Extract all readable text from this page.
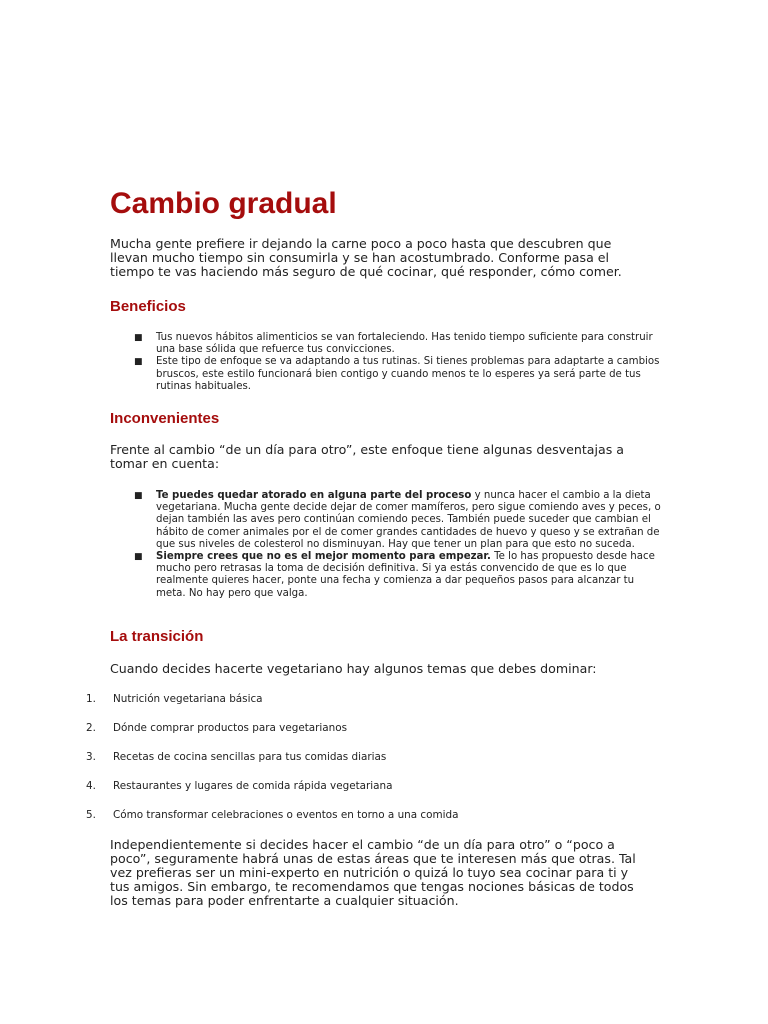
Cambio gradual

Mucha gente prefiere ir dejando la carne poco a poco hasta que descubren que llevan mucho tiempo sin consumirla y se han acostumbrado. Conforme pasa el tiempo te vas haciendo más seguro de qué cocinar, qué responder, cómo comer.

Beneficios
■ Tus nuevos hábitos alimenticios se van fortaleciendo. Has tenido tiempo suficiente para construir una base sólida que refuerce tus convicciones.
■ Este tipo de enfoque se va adaptando a tus rutinas. Si tienes problemas para adaptarte a cambios bruscos, este estilo funcionará bien contigo y cuando menos te lo esperes ya será parte de tus rutinas habituales.
Inconvenientes

Frente al cambio “de un día para otro”, este enfoque tiene algunas desventajas a tomar en cuenta:

■ Te puedes quedar atorado en alguna parte del proceso y nunca hacer el cambio a la dieta vegetariana. Mucha gente decide dejar de comer mamíferos, pero sigue comiendo aves y peces, o dejan también las aves pero continúan comiendo peces. También puede suceder que cambian el hábito de comer animales por el de comer grandes cantidades de huevo y queso y se extrañan de que sus niveles de colesterol no disminuyan. Hay que tener un plan para que esto no suceda.
■ Siempre crees que no es el mejor momento para empezar. Te lo has propuesto desde hace mucho pero retrasas la toma de decisión definitiva. Si ya estás convencido de que es lo que realmente quieres hacer, ponte una fecha y comienza a dar pequeños pasos para alcanzar tu meta. No hay pero que valga.
La transición

Cuando decides hacerte vegetariano hay algunos temas que debes dominar:

1. Nutrición vegetariana básica
2. Dónde comprar productos para vegetarianos
3. Recetas de cocina sencillas para tus comidas diarias
4. Restaurantes y lugares de comida rápida vegetariana
5. Cómo transformar celebraciones o eventos en torno a una comida

Independientemente si decides hacer el cambio “de un día para otro” o “poco a poco”, seguramente habrá unas de estas áreas que te interesen más que otras. Tal vez prefieras ser un mini-experto en nutrición o quizá lo tuyo sea cocinar para ti y tus amigos. Sin embargo, te recomendamos que tengas nociones básicas de todos los temas para poder enfrentarte a cualquier situación.
